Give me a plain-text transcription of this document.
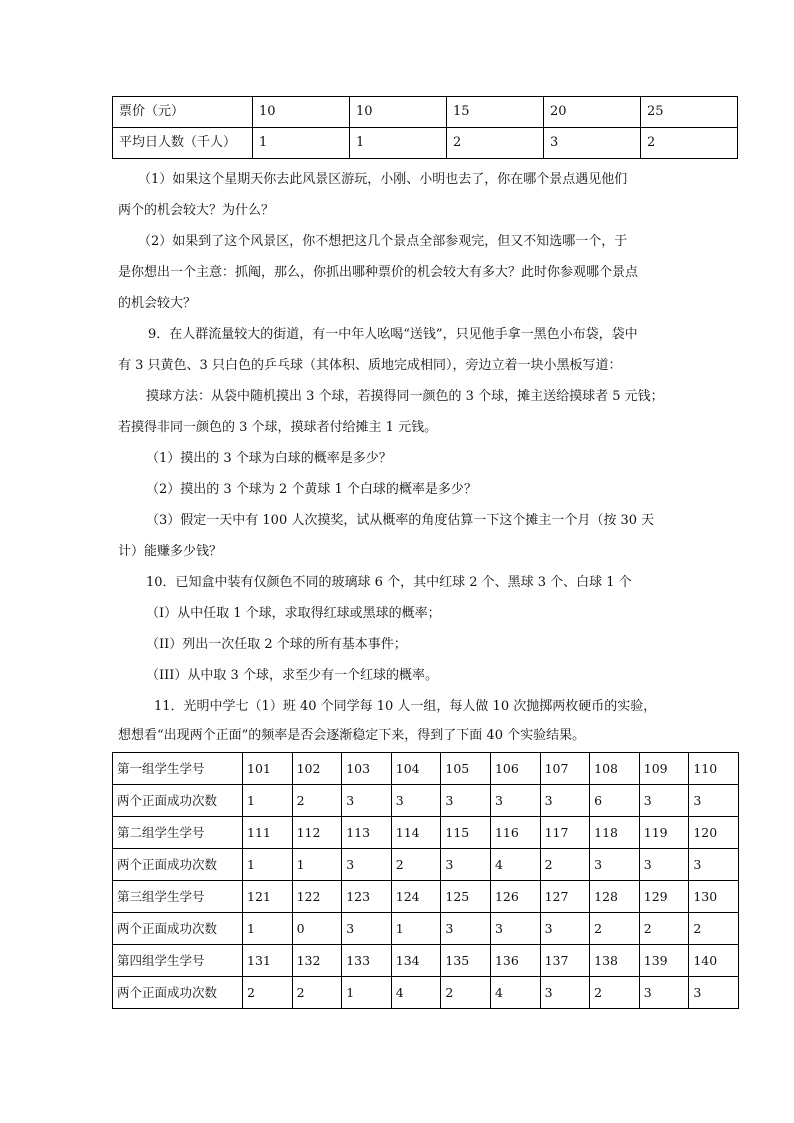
票价（元）	10	10	15	20	25
平均日人数（千人）	1	1	2	3	2
（1）如果这个星期天你去此风景区游玩，小刚、小明也去了，你在哪个景点遇见他们
两个的机会较大？为什么？
（2）如果到了这个风景区，你不想把这几个景点全部参观完，但又不知选哪一个，于
是你想出一个主意：抓阄，那么，你抓出哪种票价的机会较大有多大？此时你参观哪个景点
的机会较大？
9．在人群流量较大的街道，有一中年人吆喝“送钱”，只见他手拿一黑色小布袋，袋中
有 3 只黄色、3 只白色的乒乓球（其体积、质地完成相同），旁边立着一块小黑板写道：
摸球方法：从袋中随机摸出 3 个球，若摸得同一颜色的 3 个球，摊主送给摸球者 5 元钱；
若摸得非同一颜色的 3 个球，摸球者付给摊主 1 元钱。
（1）摸出的 3 个球为白球的概率是多少？
（2）摸出的 3 个球为 2 个黄球 1 个白球的概率是多少？
（3）假定一天中有 100 人次摸奖，试从概率的角度估算一下这个摊主一个月（按 30 天
计）能赚多少钱？
10．已知盒中装有仅颜色不同的玻璃球 6 个，其中红球 2 个、黑球 3 个、白球 1 个
（I）从中任取 1 个球，求取得红球或黑球的概率；
（II）列出一次任取 2 个球的所有基本事件；
（III）从中取 3 个球，求至少有一个红球的概率。
11．光明中学七（1）班 40 个同学每 10 人一组，每人做 10 次抛掷两枚硬币的实验，
想想看“出现两个正面”的频率是否会逐渐稳定下来，得到了下面 40 个实验结果。
第一组学生学号	101	102	103	104	105	106	107	108	109	110
两个正面成功次数	1	2	3	3	3	3	3	6	3	3
第二组学生学号	111	112	113	114	115	116	117	118	119	120
两个正面成功次数	1	1	3	2	3	4	2	3	3	3
第三组学生学号	121	122	123	124	125	126	127	128	129	130
两个正面成功次数	1	0	3	1	3	3	3	2	2	2
第四组学生学号	131	132	133	134	135	136	137	138	139	140
两个正面成功次数	2	2	1	4	2	4	3	2	3	3
